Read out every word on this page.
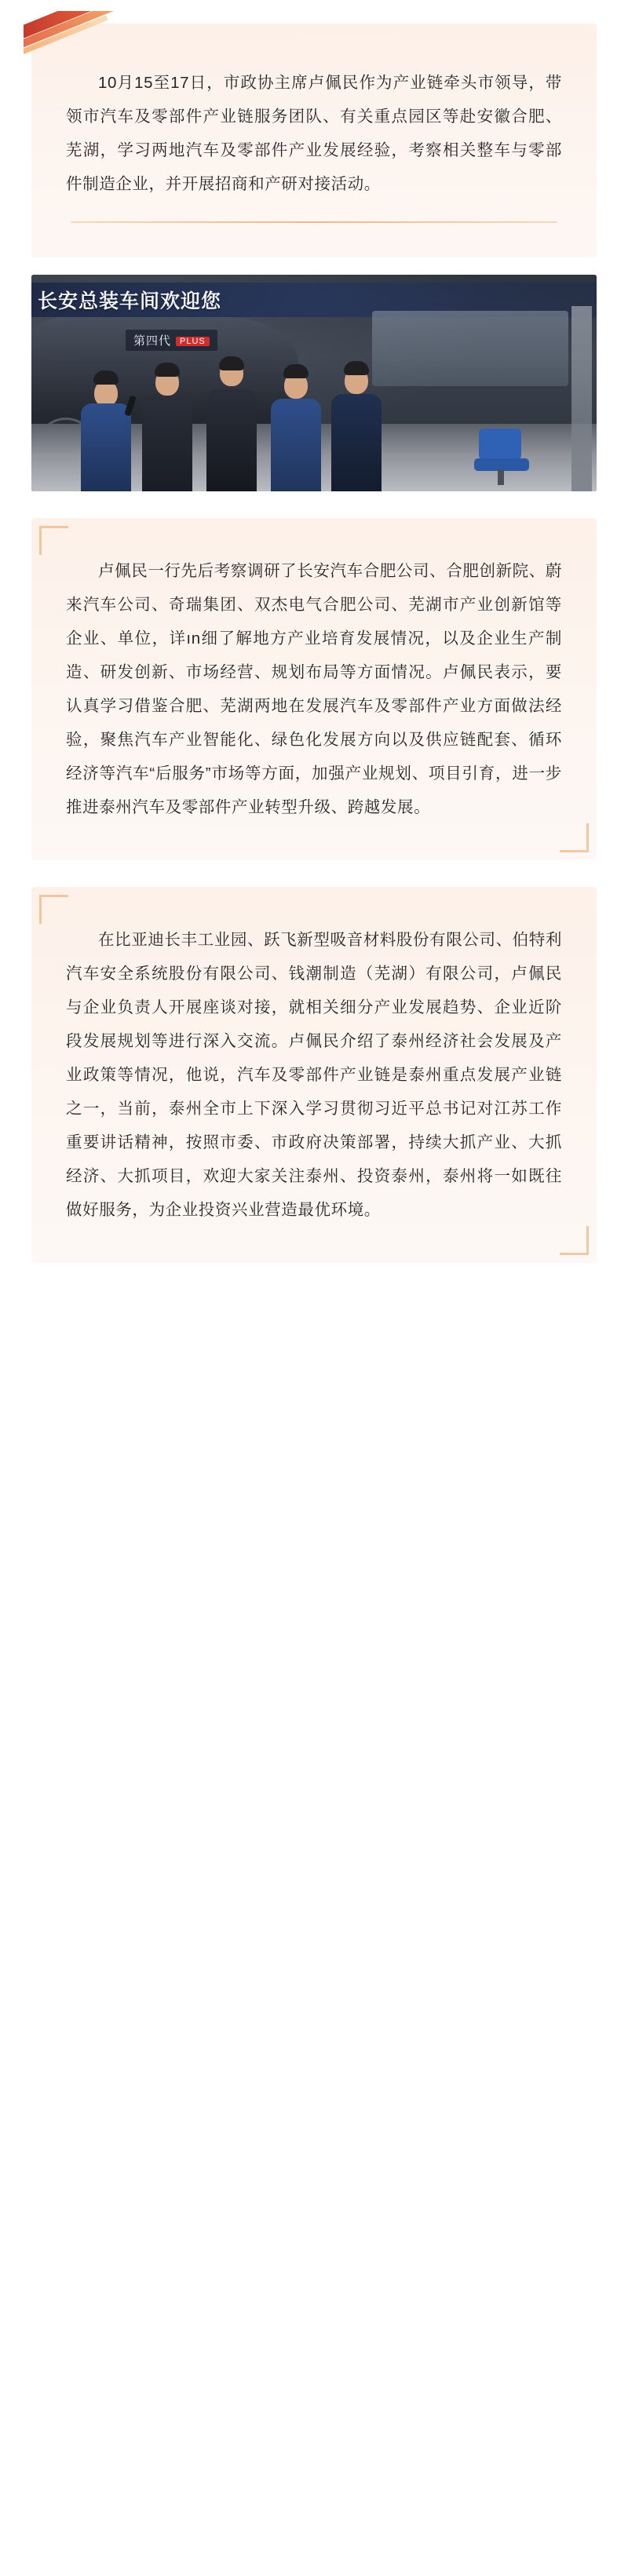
10月15至17日，市政协主席卢佩民作为产业链牵头市领导，带领市汽车及零部件产业链服务团队、有关重点园区等赴安徽合肥、芜湖，学习两地汽车及零部件产业发展经验，考察相关整车与零部件制造企业，并开展招商和产研对接活动。

长安总装车间欢迎您
第四代 PLUS

卢佩民一行先后考察调研了长安汽车合肥公司、合肥创新院、蔚来汽车公司、奇瑞集团、双杰电气合肥公司、芜湖市产业创新馆等企业、单位，详ın细了解地方产业培育发展情况，以及企业生产制造、研发创新、市场经营、规划布局等方面情况。卢佩民表示，要认真学习借鉴合肥、芜湖两地在发展汽车及零部件产业方面做法经验，聚焦汽车产业智能化、绿色化发展方向以及供应链配套、循环经济等汽车“后服务”市场等方面，加强产业规划、项目引育，进一步推进泰州汽车及零部件产业转型升级、跨越发展。

在比亚迪长丰工业园、跃飞新型吸音材料股份有限公司、伯特利汽车安全系统股份有限公司、钱潮制造（芜湖）有限公司，卢佩民与企业负责人开展座谈对接，就相关细分产业发展趋势、企业近阶段发展规划等进行深入交流。卢佩民介绍了泰州经济社会发展及产业政策等情况，他说，汽车及零部件产业链是泰州重点发展产业链之一，当前，泰州全市上下深入学习贯彻习近平总书记对江苏工作重要讲话精神，按照市委、市政府决策部署，持续大抓产业、大抓经济、大抓项目，欢迎大家关注泰州、投资泰州，泰州将一如既往做好服务，为企业投资兴业营造最优环境。
